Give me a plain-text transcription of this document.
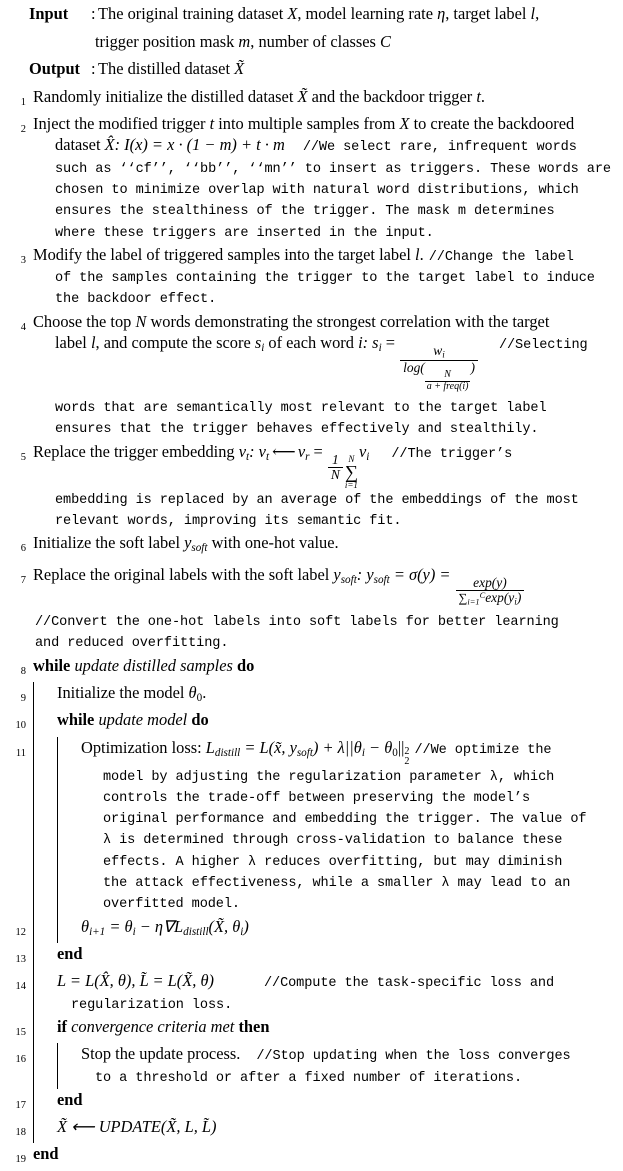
Input	: The original training dataset X, model learning rate η, target label l,
trigger position mask m, number of classes C
Output : The distilled dataset X̃
1 Randomly initialize the distilled dataset X̃ and the backdoor trigger t.
2 Inject the modified trigger t into multiple samples from X to create the backdoored
dataset X̂: I(x) = x · (1 − m) + t · m //We select rare, infrequent words
such as ‘‘cf’’, ‘‘bb’’, ‘‘mn’’ to insert as triggers. These words are
chosen to minimize overlap with natural word distributions, which
ensures the stealthiness of the trigger. The mask m determines
where these triggers are inserted in the input.
3 Modify the label of triggered samples into the target label l. //Change the label
of the samples containing the trigger to the target label to induce
the backdoor effect.
4 Choose the top N words demonstrating the strongest correlation with the target
label l, and compute the score $s_i$ of each word i: $s_i$ =
$w_i$
log(	N
a + freq(i)
) //Selecting
words that are semantically most relevant to the target label
ensures that the trigger behaves effectively and stealthily.
5 Replace the trigger embedding $v_t$: $v_t$ ⟵ $v_r$ =
$\frac{1}{N}$ N
∑
i=1
$v_i$ //The trigger’s
embedding is replaced by an average of the embeddings of the most
relevant words, improving its semantic fit.
6 Initialize the soft label $y_{soft}$ with one-hot value.
7 Replace the original labels with the soft label $y_{soft}$: $y_{soft} = \sigma(y)$ =
$\frac{\exp(y)}{\sum_{i=1}^C\exp(y_i)}$
//Convert the one-hot labels into soft labels for better learning
and reduced overfitting.
8 while update distilled samples do
9	Initialize the model $\theta_0$.
10	while update model do
11	Optimization loss: $L_{distill}$ = L(x̃, $y_{soft}) + \lambda||\theta_i - \theta_0||$ 2
2
//We optimize the
model by adjusting the regularization parameter λ, which
controls the trade-off between preserving the model’s
original performance and embedding the trigger. The value of
λ is determined through cross-validation to balance these
effects. A higher λ reduces overfitting, but may diminish
the attack effectiveness, while a smaller λ may lead to an
overfitted model.
12	$\theta_{i+1} = \theta_i$ − $\eta\nabla L_{distill}(X̃$, $\theta_i$)
13	end
14 L = L(X̂, θ), L̃ = L(X̃, θ)	//Compute the task-specific loss and
regularization loss.
15	if convergence criteria met then
16	Stop the update process. //Stop updating when the loss converges
to a threshold or after a fixed number of iterations.
17	end
18	X̃ ⟵ UPDATE(X̃, L, L̃)
19 end
